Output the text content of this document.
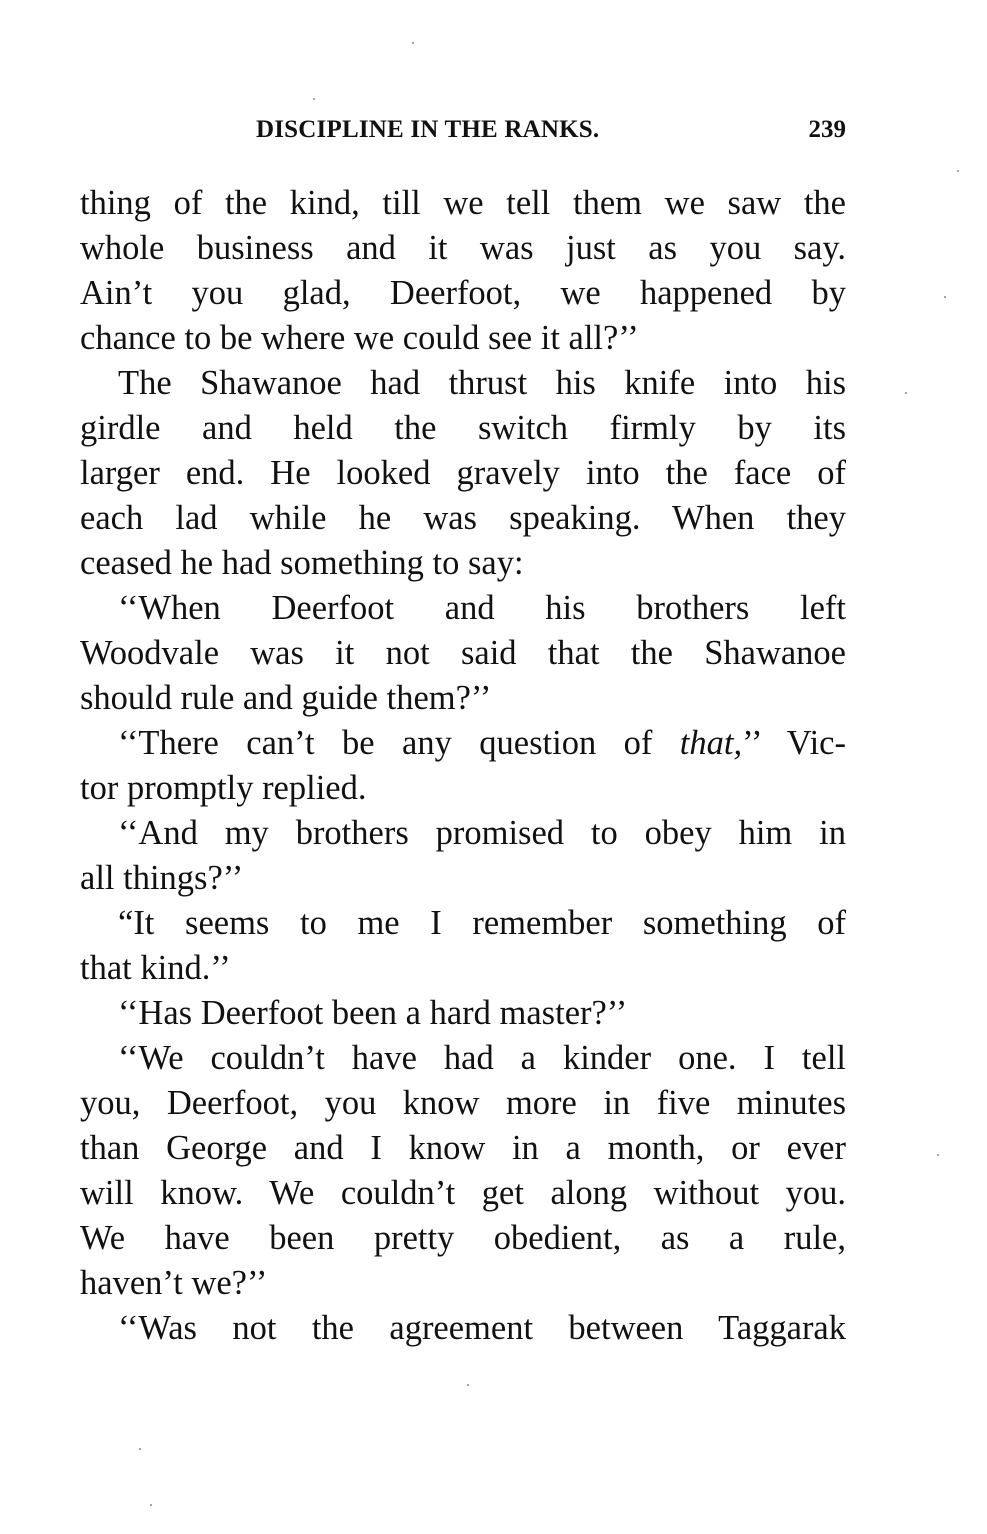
DISCIPLINE IN THE RANKS.	239
thing of the kind, till we tell them we saw the
whole business and it was just as you say.
Ain’t you glad, Deerfoot, we happened by
chance to be where we could see it all?’’
The Shawanoe had thrust his knife into his
girdle and held the switch firmly by its
larger end. He looked gravely into the face of
each lad while he was speaking. When they
ceased he had something to say:
‘‘When Deerfoot and his brothers left
Woodvale was it not said that the Shawanoe
should rule and guide them?’’
‘‘There can’t be any question of that,’’ Vic-
tor promptly replied.
‘‘And my brothers promised to obey him in
all things?’’
“It seems to me I remember something of
that kind.’’
‘‘Has Deerfoot been a hard master?’’
‘‘We couldn’t have had a kinder one. I tell
you, Deerfoot, you know more in five minutes
than George and I know in a month, or ever
will know. We couldn’t get along without you.
We have been pretty obedient, as a rule,
haven’t we?’’
‘‘Was not the agreement between Taggarak
